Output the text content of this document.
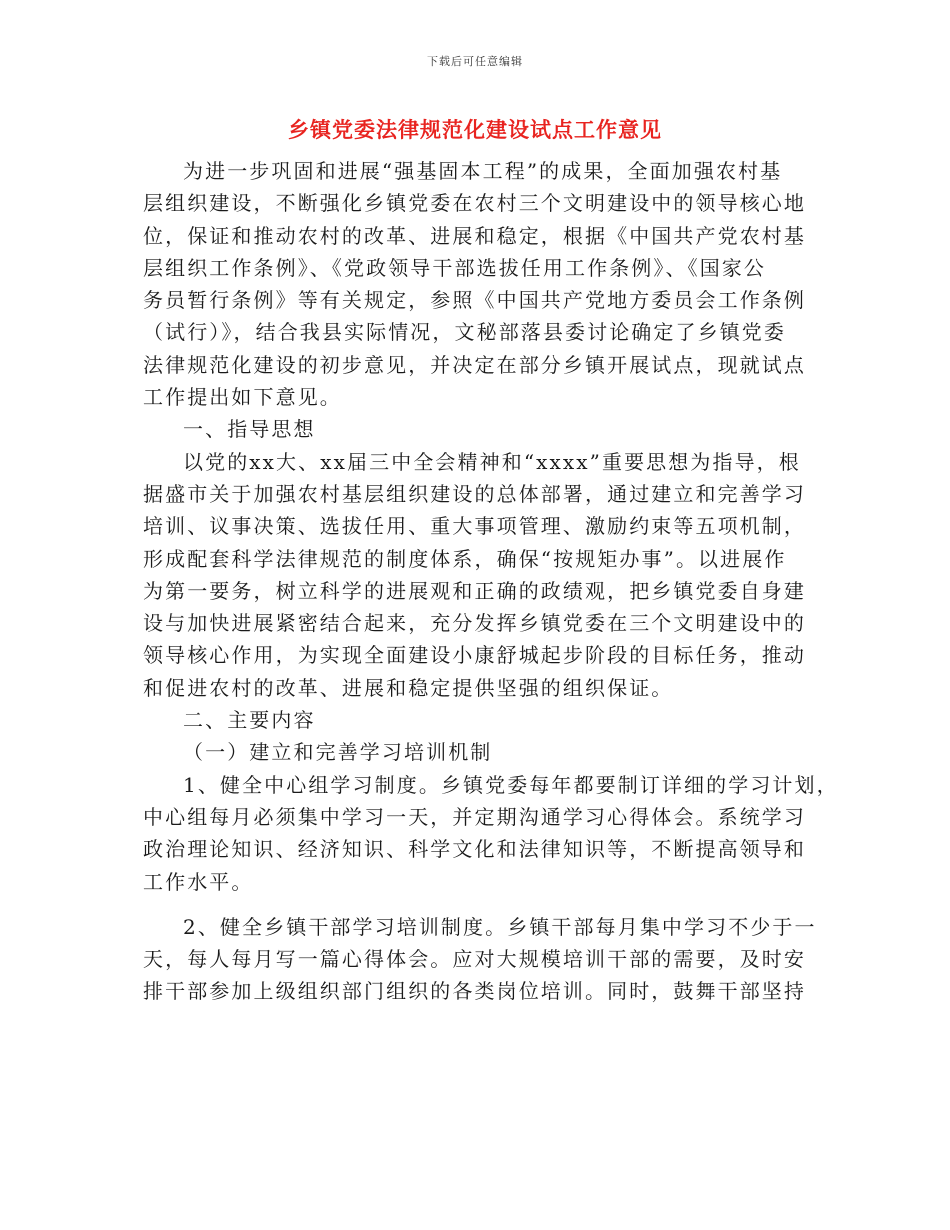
下载后可任意编辑
乡镇党委法律规范化建设试点工作意见
为进一步巩固和进展“强基固本工程”的成果，全面加强农村基
层组织建设，不断强化乡镇党委在农村三个文明建设中的领导核心地
位，保证和推动农村的改革、进展和稳定，根据《中国共产党农村基
层组织工作条例》、《党政领导干部选拔任用工作条例》、《国家公
务员暂行条例》等有关规定，参照《中国共产党地方委员会工作条例
（试行）》，结合我县实际情况，文秘部落县委讨论确定了乡镇党委
法律规范化建设的初步意见，并决定在部分乡镇开展试点，现就试点
工作提出如下意见。
一、指导思想
以党的xx大、xx届三中全会精神和“xxxx”重要思想为指导，根
据盛市关于加强农村基层组织建设的总体部署，通过建立和完善学习
培训、议事决策、选拔任用、重大事项管理、激励约束等五项机制，
形成配套科学法律规范的制度体系，确保“按规矩办事”。以进展作
为第一要务，树立科学的进展观和正确的政绩观，把乡镇党委自身建
设与加快进展紧密结合起来，充分发挥乡镇党委在三个文明建设中的
领导核心作用，为实现全面建设小康舒城起步阶段的目标任务，推动
和促进农村的改革、进展和稳定提供坚强的组织保证。
二、主要内容
（一）建立和完善学习培训机制
1、健全中心组学习制度。乡镇党委每年都要制订详细的学习计划，
中心组每月必须集中学习一天，并定期沟通学习心得体会。系统学习
政治理论知识、经济知识、科学文化和法律知识等，不断提高领导和
工作水平。
2、健全乡镇干部学习培训制度。乡镇干部每月集中学习不少于一
天，每人每月写一篇心得体会。应对大规模培训干部的需要，及时安
排干部参加上级组织部门组织的各类岗位培训。同时，鼓舞干部坚持
